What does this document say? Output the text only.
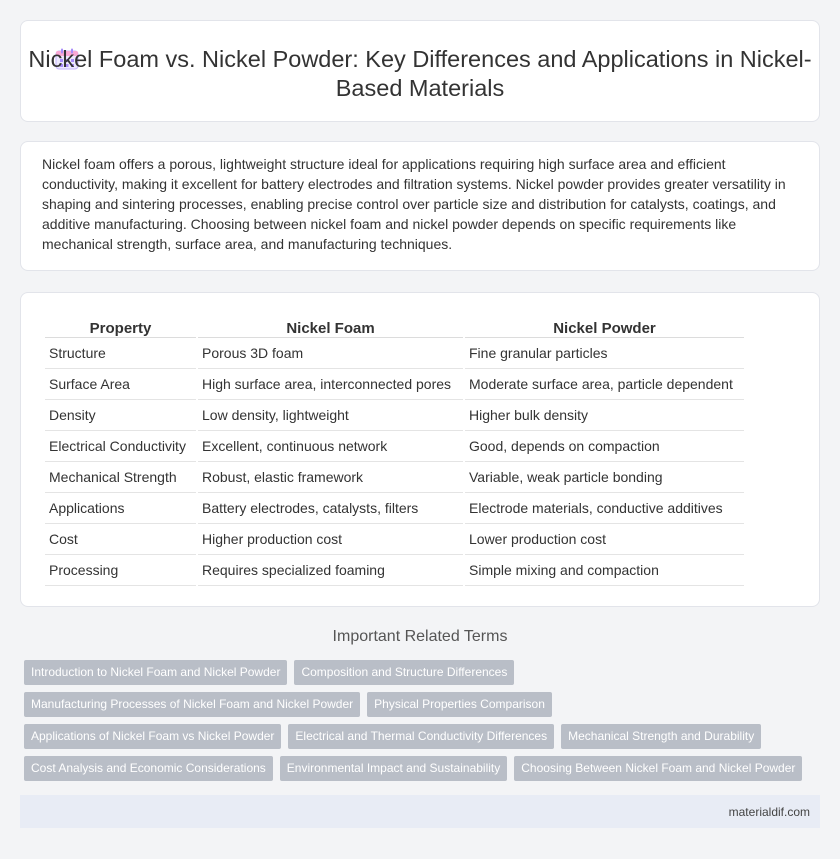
Nickel Foam vs. Nickel Powder: Key Differences and Applications in Nickel-Based Materials

Nickel foam offers a porous, lightweight structure ideal for applications requiring high surface area and efficient conductivity, making it excellent for battery electrodes and filtration systems. Nickel powder provides greater versatility in shaping and sintering processes, enabling precise control over particle size and distribution for catalysts, coatings, and additive manufacturing. Choosing between nickel foam and nickel powder depends on specific requirements like mechanical strength, surface area, and manufacturing techniques.

Property	Nickel Foam	Nickel Powder
Structure	Porous 3D foam	Fine granular particles
Surface Area	High surface area, interconnected pores	Moderate surface area, particle dependent
Density	Low density, lightweight	Higher bulk density
Electrical Conductivity	Excellent, continuous network	Good, depends on compaction
Mechanical Strength	Robust, elastic framework	Variable, weak particle bonding
Applications	Battery electrodes, catalysts, filters	Electrode materials, conductive additives
Cost	Higher production cost	Lower production cost
Processing	Requires specialized foaming	Simple mixing and compaction
Important Related Terms
Introduction to Nickel Foam and Nickel Powder	Composition and Structure Differences
Manufacturing Processes of Nickel Foam and Nickel Powder	Physical Properties Comparison
Applications of Nickel Foam vs Nickel Powder	Electrical and Thermal Conductivity Differences	Mechanical Strength and Durability
Cost Analysis and Economic Considerations	Environmental Impact and Sustainability	Choosing Between Nickel Foam and Nickel Powder
materialdif.com
